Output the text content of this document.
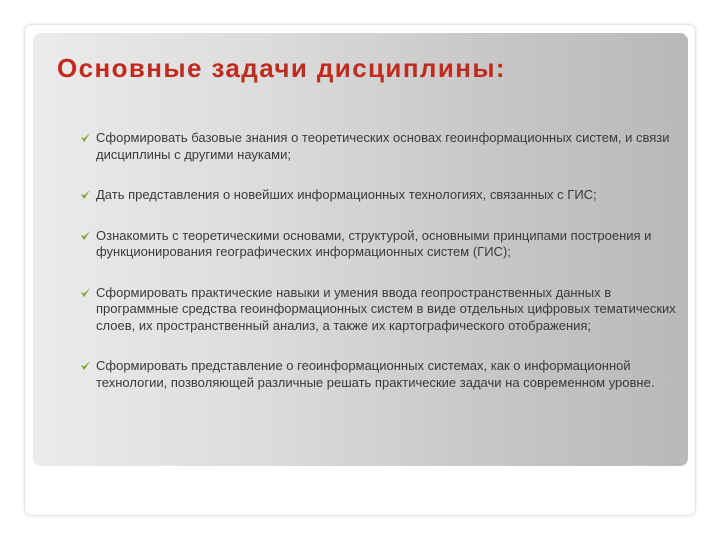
Основные задачи дисциплины:
Сформировать базовые знания о теоретических основах геоинформационных систем, и связи дисциплины с другими науками;
Дать представления о новейших информационных технологиях, связанных с ГИС;
Ознакомить с теоретическими основами, структурой, основными принципами построения и функционирования географических информационных систем (ГИС);
Сформировать практические навыки и умения ввода геопространственных данных в программные средства геоинформационных систем в виде отдельных цифровых тематических слоев, их пространственный анализ, а также их картографического отображения;
Сформировать представление о геоинформационных системах, как о информационной технологии, позволяющей различные решать практические задачи на современном уровне.
